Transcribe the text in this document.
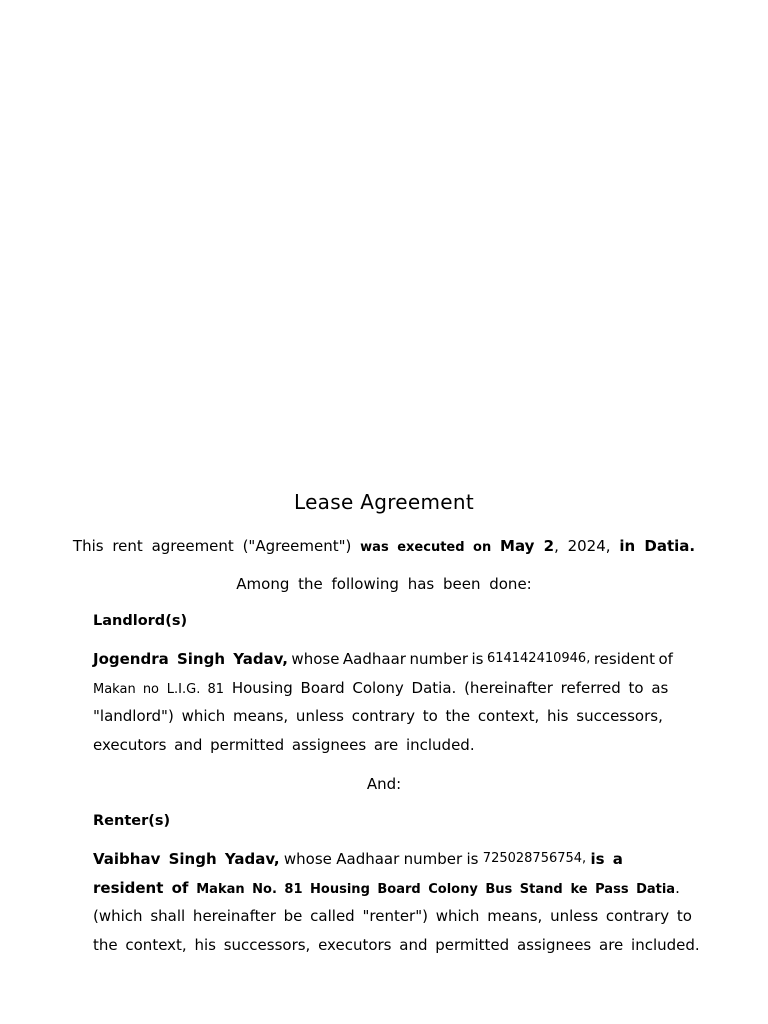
Lease Agreement
This rent agreement ("Agreement") was executed on May 2, 2024, in Datia.
Among the following has been done:
Landlord(s)
Jogendra Singh Yadav, whose Aadhaar number is 614142410946, resident of
Makan no L.I.G. 81 Housing Board Colony Datia. (hereinafter referred to as
"landlord") which means, unless contrary to the context, his successors,
executors and permitted assignees are included.
And:
Renter(s)
Vaibhav Singh Yadav, whose Aadhaar number is 725028756754, is a
resident of Makan No. 81 Housing Board Colony Bus Stand ke Pass Datia.
(which shall hereinafter be called "renter") which means, unless contrary to
the context, his successors, executors and permitted assignees are included.
